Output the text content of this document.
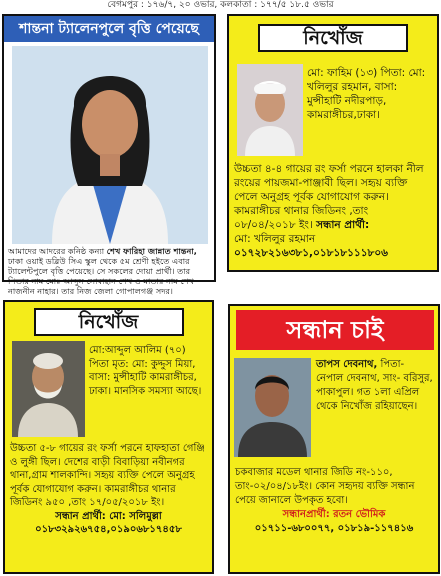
বেগমপুর : ১৭৬/৭, ২০ ওভার, কলকাতা : ১৭৭/৫ ১৮.৫ ওভার
শান্তনা ট্যালেনপুলে বৃত্তি পেয়েছে
আমাদের আদরের কনিষ্ঠ কন্যা শেখ ফারিহা জান্নাত শান্তনা, ঢাকা ওয়াই ডব্লিউ সিএ স্কুল থেকে ৫ম শ্রেণী হইতে এবার ট্যালেন্টপুলে বৃত্তি পেয়েছে। সে সকলের দোয়া প্রার্থী। তার পিতার নাম মোঃ আব্দুস সোবাহান শেখ ও মাতার নাম শেখ নাজনীন নাহার। তার নিজ জেলা গোপালগঞ্জ সদর।
নিখোঁজ
মো: ফাহিম (১৩) পিতা: মো: খলিলুর রহমান, বাসা: মুন্সীহাটি নদীরপাড়, কামরাঙ্গীচর,ঢাকা।
উচ্চতা ৪-৪ গায়ের রং ফর্সা পরনে হালকা নীল রংয়ের পায়জমা-পাঞ্জাবী ছিল। সহৃয় ব্যক্তি পেলে অনুগ্রহ পূর্বক যোগাযোগ করুন। কামরাঙ্গীচর থানার জিডিনং ,তাং ০৮/০৪/২০১৮ ইং। সন্ধান প্রার্থী:
মো: খলিলুর রহমান
০১৭২৮২১৬৩৮১,০১৮১৮১১১৮০৬
নিখোঁজ
মো:আব্দুল আলিম (৭০) পিতা মৃত: মো: কুদ্দুস মিয়া, বাসা: মুন্সীহাটি কামরাঙ্গীচর, ঢাকা। মানসিক সমস্যা আছে।
উচ্চতা ৫-৮ গায়ের রং ফর্সা পরনে হাফহাতা গেঞ্জি ও লুঙ্গী ছিল। দেশের বাড়ী বিবাড়িয়া নবীনগর থানা,গ্রাম শালকান্দি। সহৃয় ব্যক্তি পেলে অনুগ্রহ পূর্বক যোগাযোগ করুন। কামরাঙ্গীচর থানার জিডিনং ৯৫০ ,তাং ১৭/০৫/২০১৮ ইং।
সন্ধান প্রার্থী: মো: সলিমুল্লা
০১৮৩২৯২৬৭৫৪,০১৯০৬৮১৭৪৫৮
সন্ধান চাই
তাপস দেবনাথ, পিতা- নেপাল দেবনাথ, সাং- বরিসুর, পাকাপুল। গত ১লা এপ্রিল থেকে নিখোঁজ রহিয়াছেন।
চকবাজার মডেল থানার জিডি নং-১১০, তাং-০২/০৪/১৮ইং। কোন সহৃদয় ব্যক্তি সন্ধান পেয়ে জানালে উপকৃত হবো।
সন্ধানপ্রার্থী: রতন ভৌমিক
০১৭১১-৬৮০০৭৭, ০১৮১৯-১১৭৪১৬
